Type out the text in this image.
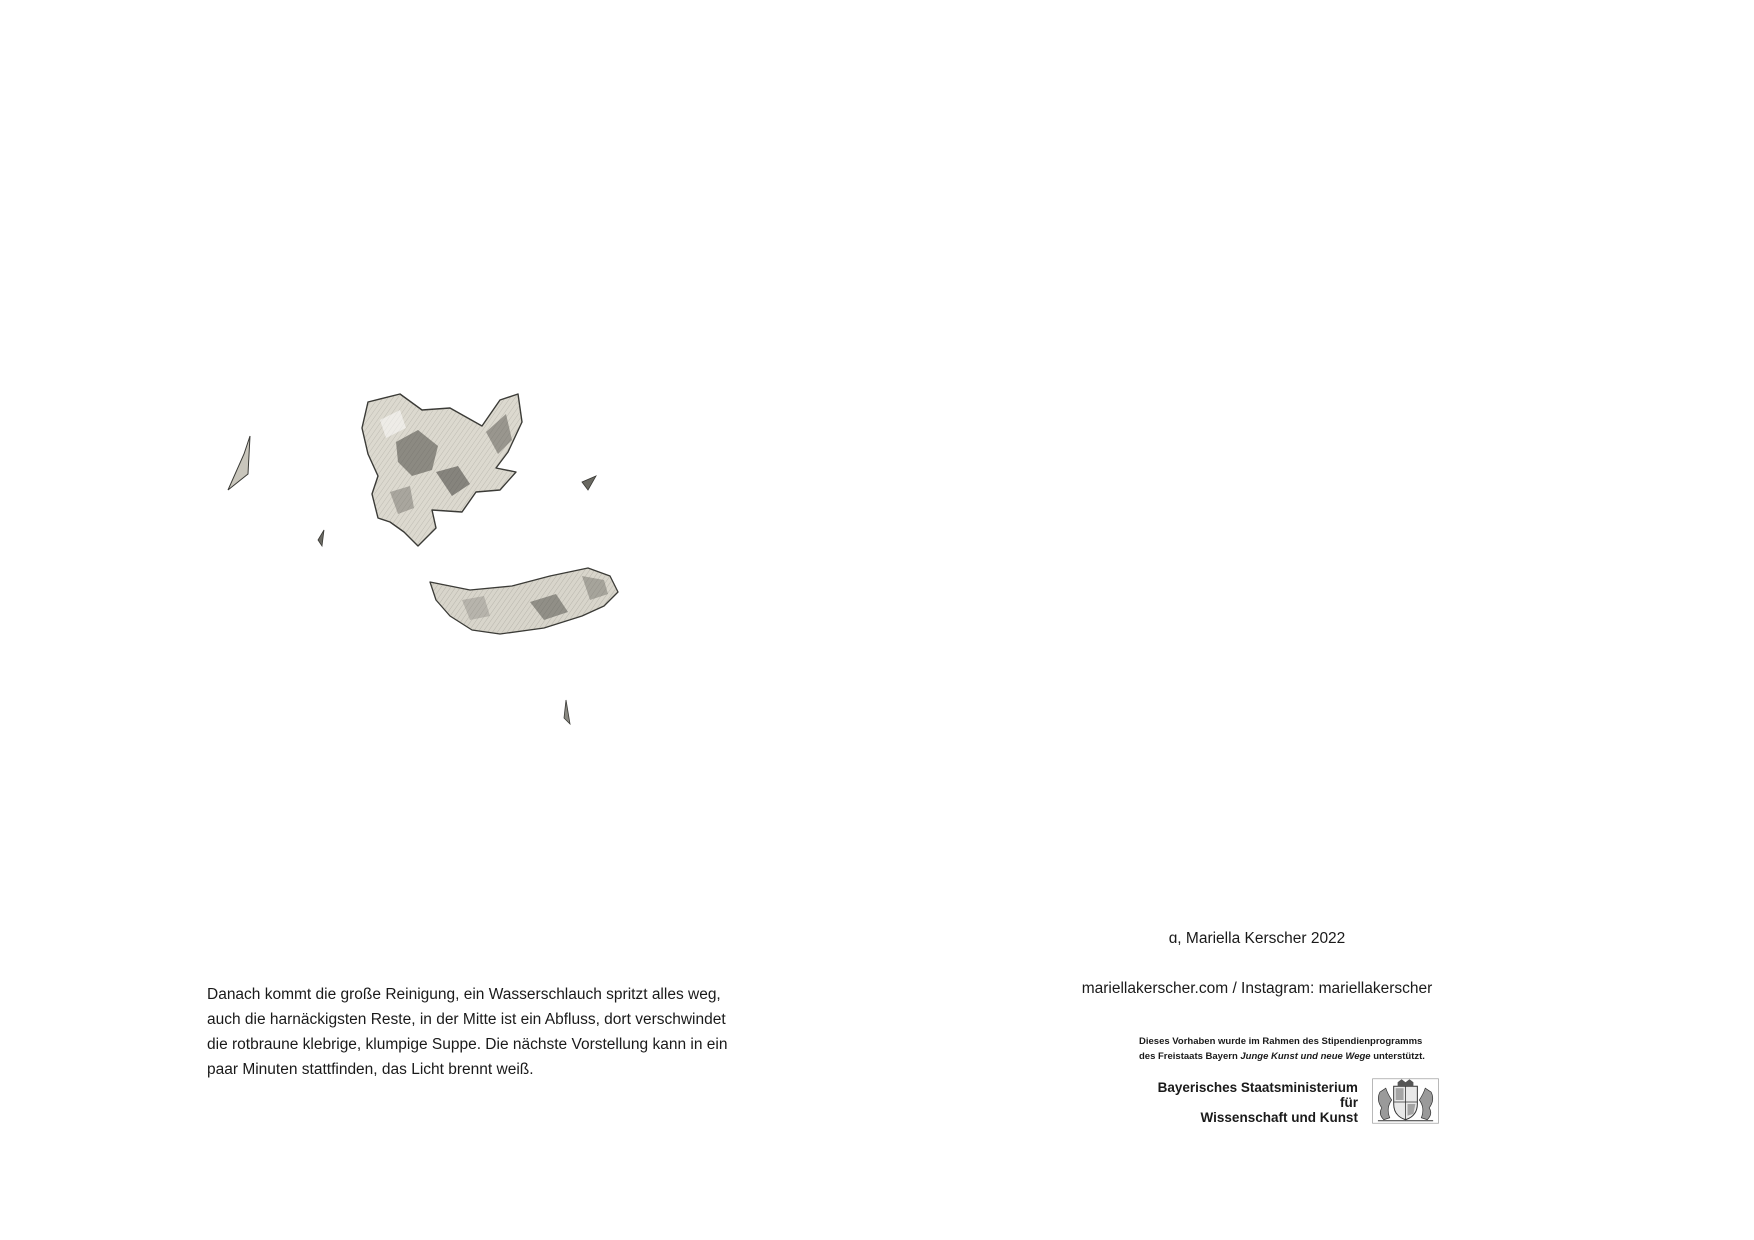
Danach kommt die große Reinigung, ein Wasserschlauch spritzt alles weg, auch die harnäckigsten Reste, in der Mitte ist ein Abfluss, dort verschwindet die rotbraune klebrige, klumpige Suppe. Die nächste Vorstellung kann in ein paar Minuten stattfinden, das Licht brennt weiß.

ɑ, Mariella Kerscher 2022
mariellakerscher.com / Instagram: mariellakerscher
Dieses Vorhaben wurde im Rahmen des Stipendienprogramms
des Freistaats Bayern Junge Kunst und neue Wege unterstützt.
Bayerisches Staatsministerium für
Wissenschaft und Kunst
